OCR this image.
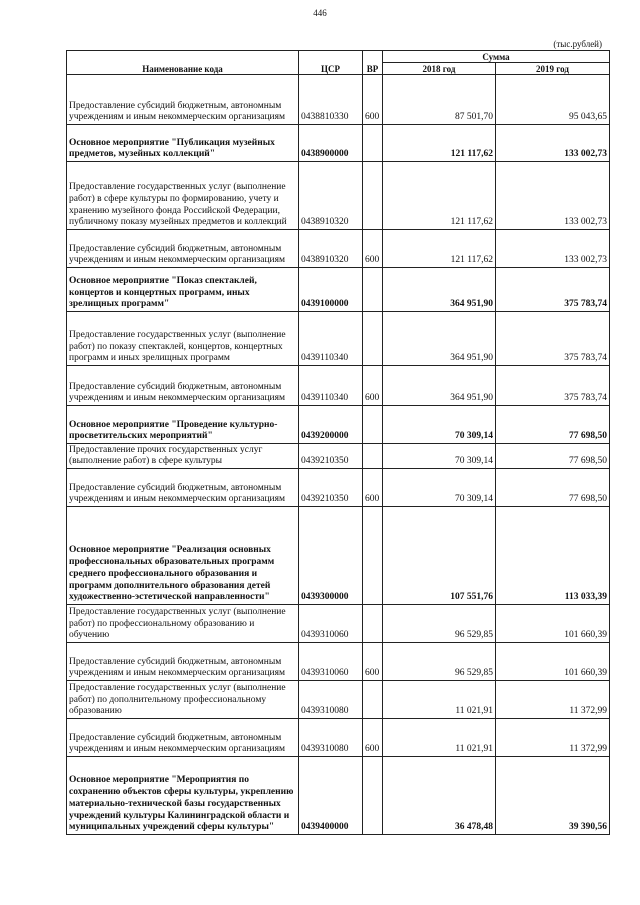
446
(тыс.рублей)
Наименование кода	ЦСР	ВР	Сумма	
			2018 год	2019 год
Предоставление субсидий бюджетным, автономным учреждениям и иным некоммерческим организациям	0438810330	600	87 501,70	95 043,65
Основное мероприятие "Публикация музейных предметов, музейных коллекций"	0438900000		121 117,62	133 002,73
Предоставление государственных услуг (выполнение работ) в сфере культуры по формированию, учету и хранению музейного фонда Российской Федерации, публичному показу музейных предметов и коллекций	0438910320		121 117,62	133 002,73
Предоставление субсидий бюджетным, автономным учреждениям и иным некоммерческим организациям	0438910320	600	121 117,62	133 002,73
Основное мероприятие "Показ спектаклей, концертов и концертных программ, иных зрелищных программ"	0439100000		364 951,90	375 783,74
Предоставление государственных услуг (выполнение работ) по показу спектаклей, концертов, концертных программ и иных зрелищных программ	0439110340		364 951,90	375 783,74
Предоставление субсидий бюджетным, автономным учреждениям и иным некоммерческим организациям	0439110340	600	364 951,90	375 783,74
Основное мероприятие "Проведение культурно-просветительских мероприятий"	0439200000		70 309,14	77 698,50
Предоставление прочих государственных услуг (выполнение работ) в сфере культуры	0439210350		70 309,14	77 698,50
Предоставление субсидий бюджетным, автономным учреждениям и иным некоммерческим организациям	0439210350	600	70 309,14	77 698,50
Основное мероприятие "Реализация основных профессиональных образовательных программ среднего профессионального образования и программ дополнительного образования детей художественно-эстетической направленности"	0439300000		107 551,76	113 033,39
Предоставление государственных услуг (выполнение работ) по профессиональному образованию и обучению	0439310060		96 529,85	101 660,39
Предоставление субсидий бюджетным, автономным учреждениям и иным некоммерческим организациям	0439310060	600	96 529,85	101 660,39
Предоставление государственных услуг (выполнение работ) по дополнительному профессиональному образованию	0439310080		11 021,91	11 372,99
Предоставление субсидий бюджетным, автономным учреждениям и иным некоммерческим организациям	0439310080	600	11 021,91	11 372,99
Основное мероприятие "Мероприятия по сохранению объектов сферы культуры, укреплению материально-технической базы государственных учреждений культуры Калининградской области и муниципальных учреждений сферы культуры"	0439400000		36 478,48	39 390,56
